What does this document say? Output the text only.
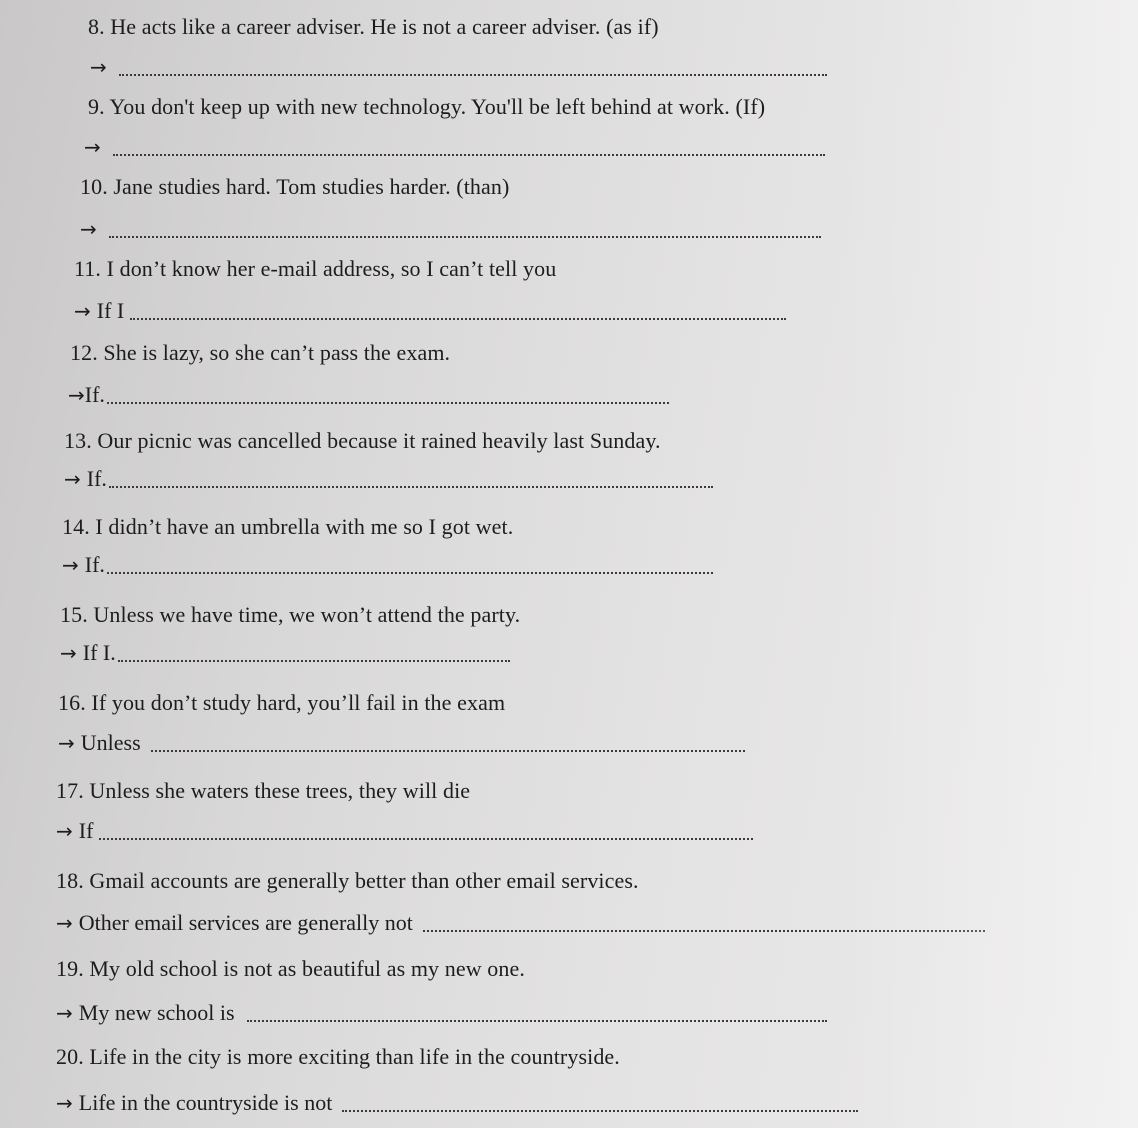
8. He acts like a career adviser. He is not a career adviser. (as if)
→
9. You don't keep up with new technology. You'll be left behind at work. (If)
→
10. Jane studies hard. Tom studies harder. (than)
→
11. I don’t know her e-mail address, so I can’t tell you
→ If I
12. She is lazy, so she can’t pass the exam.
→ If.
13. Our picnic was cancelled because it rained heavily last Sunday.
→ If.
14. I didn’t have an umbrella with me so I got wet.
→ If.
15. Unless we have time, we won’t attend the party.
→ If I.
16. If you don’t study hard, you’ll fail in the exam
→ Unless
17. Unless she waters these trees, they will die
→ If
18. Gmail accounts are generally better than other email services.
→ Other email services are generally not
19. My old school is not as beautiful as my new one.
→ My new school is
20. Life in the city is more exciting than life in the countryside.
→ Life in the countryside is not
